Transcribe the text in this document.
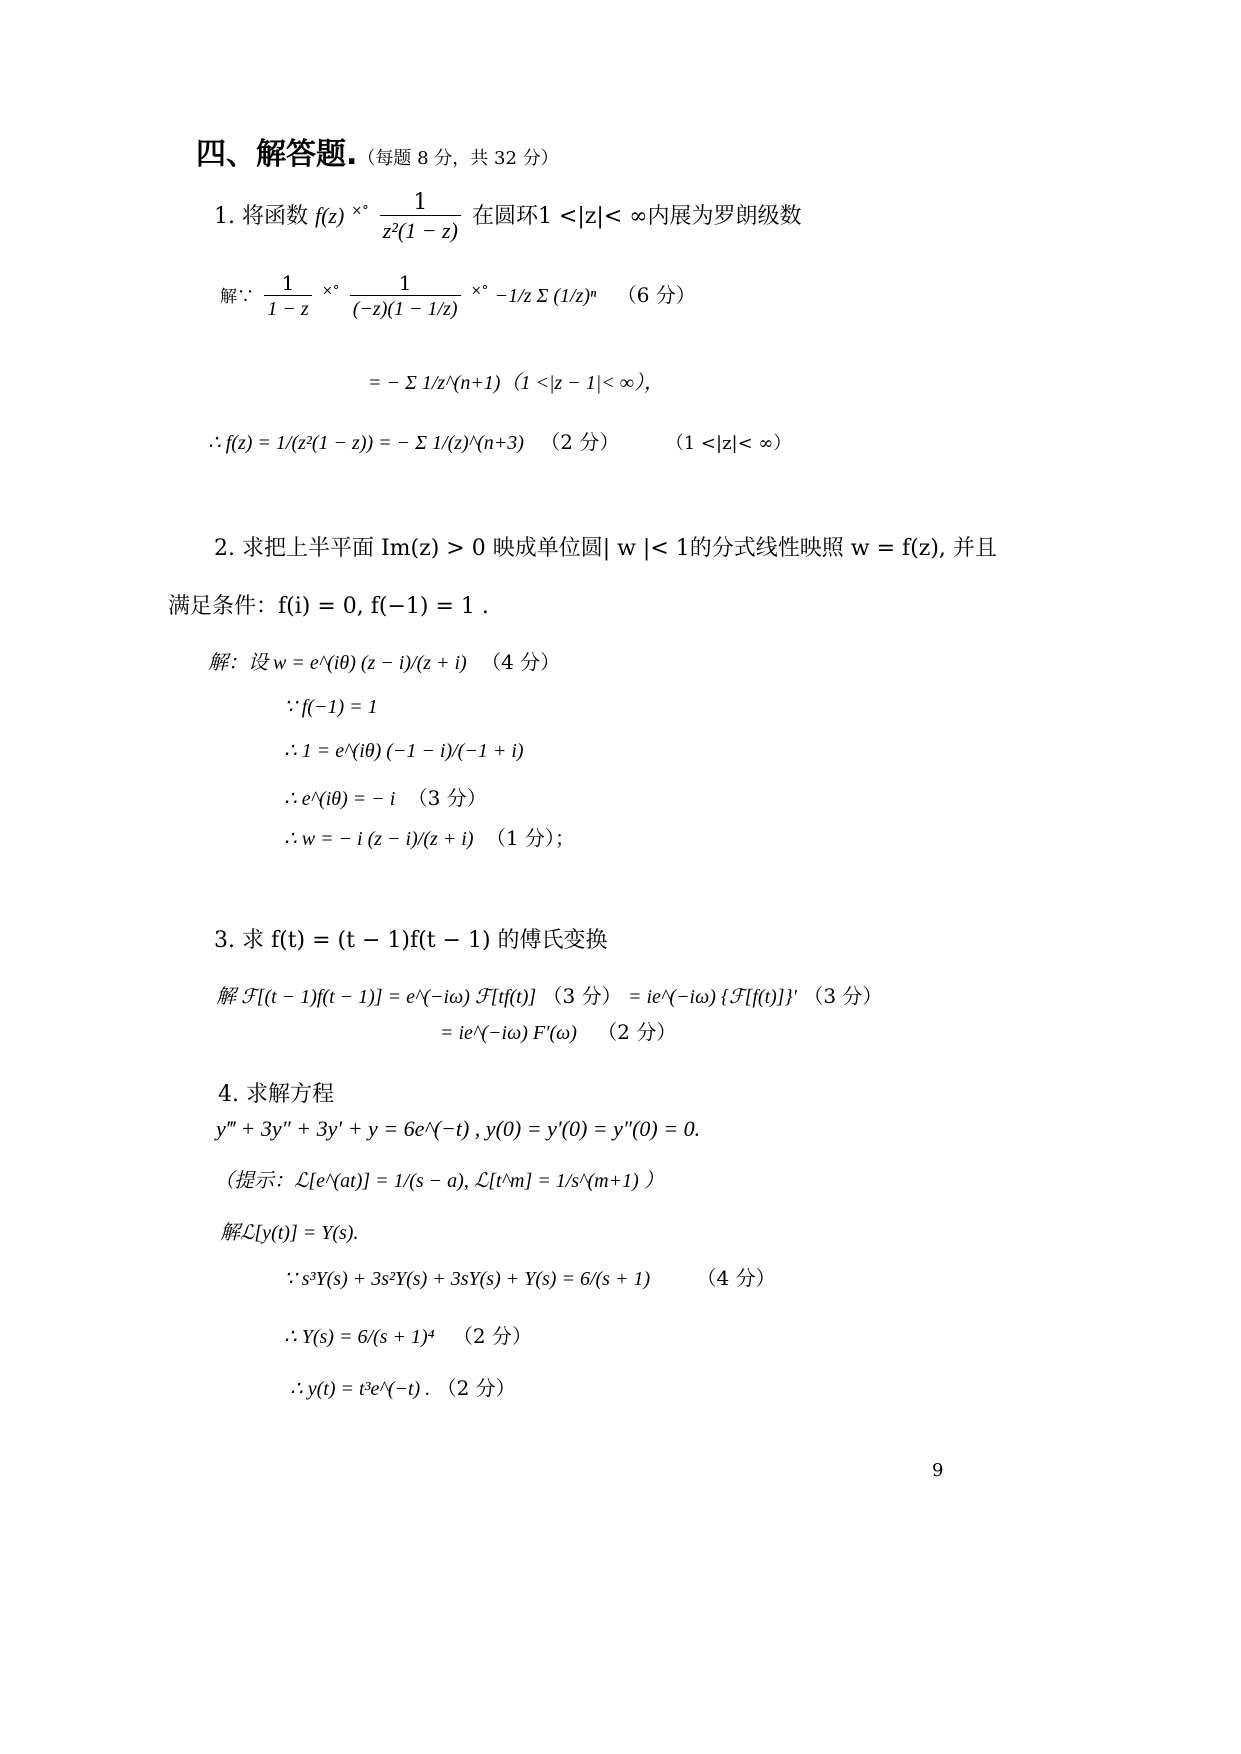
四、解答题.（每题 8 分，共 32 分）
1. 将函数 f(z) $^{\times^\circ} \frac{1}{\text{z²(1 − z)}}$ 在圆环1 <|z|< ∞内展为罗朗级数
解∵ $\frac{1}{1 - z} ^{\times^\circ} \frac{1}{(-z)(1 - 1/z)} ^{\times^\circ} -1/z$ Σ (1/z)ⁿ （6 分）
= − Σ 1/z^(n+1)（1 <|z − 1|< ∞），
∴ f(z) = 1/(z²(1 − z)) = − Σ 1/(z)^(n+3) （2 分）	（1 <|z|< ∞）
2. 求把上半平面 Im(z) > 0 映成单位圆| w |< 1的分式线性映照 w = f(z), 并且
满足条件：f(i) = 0, f(−1) = 1 .
解：设 w = e^(iθ) (z − i)/(z + i) （4 分）
∵ f(−1) = 1
∴ 1 = e^(iθ) (−1 − i)/(−1 + i)
∴ e^(iθ) = − i （3 分）
∴ w = − i (z − i)/(z + i) （1 分）；
3. 求 f(t) = (t − 1)f(t − 1) 的傅氏变换
解 ℱ[(t − 1)f(t − 1)] = e^(−iω) ℱ[tf(t)] （3 分） = ie^(−iω) {ℱ[f(t)]}′ （3 分）
= ie^(−iω) F′(ω) （2 分）
4. 求解方程
y‴ + 3y″ + 3y′ + y = 6e^(−t) , y(0) = y′(0) = y″(0) = 0.
（提示：ℒ[e^(at)] = 1/(s − a), ℒ[t^m] = 1/s^(m+1) ）
解ℒ[y(t)] = Y(s).
∵ s³Y(s) + 3s²Y(s) + 3sY(s) + Y(s) = 6/(s + 1) （4 分）
∴ Y(s) = 6/(s + 1)⁴ （2 分）
∴ y(t) = t³e^(−t) . （2 分）
9
